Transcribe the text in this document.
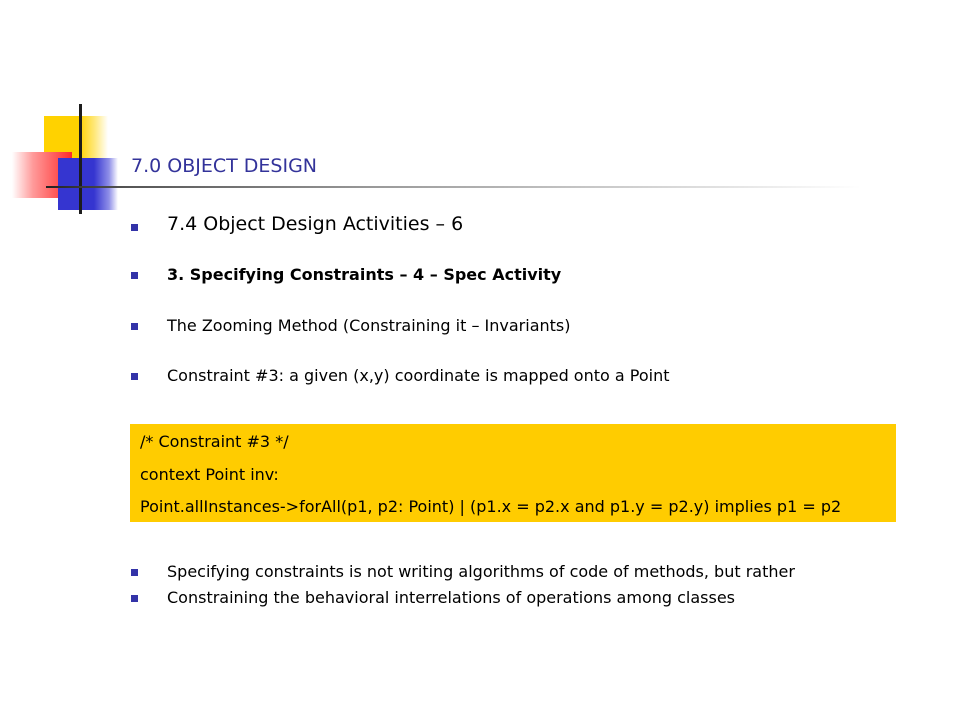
7.0 OBJECT DESIGN
7.4 Object Design Activities – 6
3. Specifying Constraints – 4 – Spec Activity
The Zooming Method (Constraining it – Invariants)
Constraint #3: a given (x,y) coordinate is mapped onto a Point
/* Constraint #3 */
context Point inv:
Point.allInstances->forAll(p1, p2: Point) | (p1.x = p2.x and p1.y = p2.y) implies p1 = p2
Specifying constraints is not writing algorithms of code of methods, but rather
Constraining the behavioral interrelations of operations among classes
